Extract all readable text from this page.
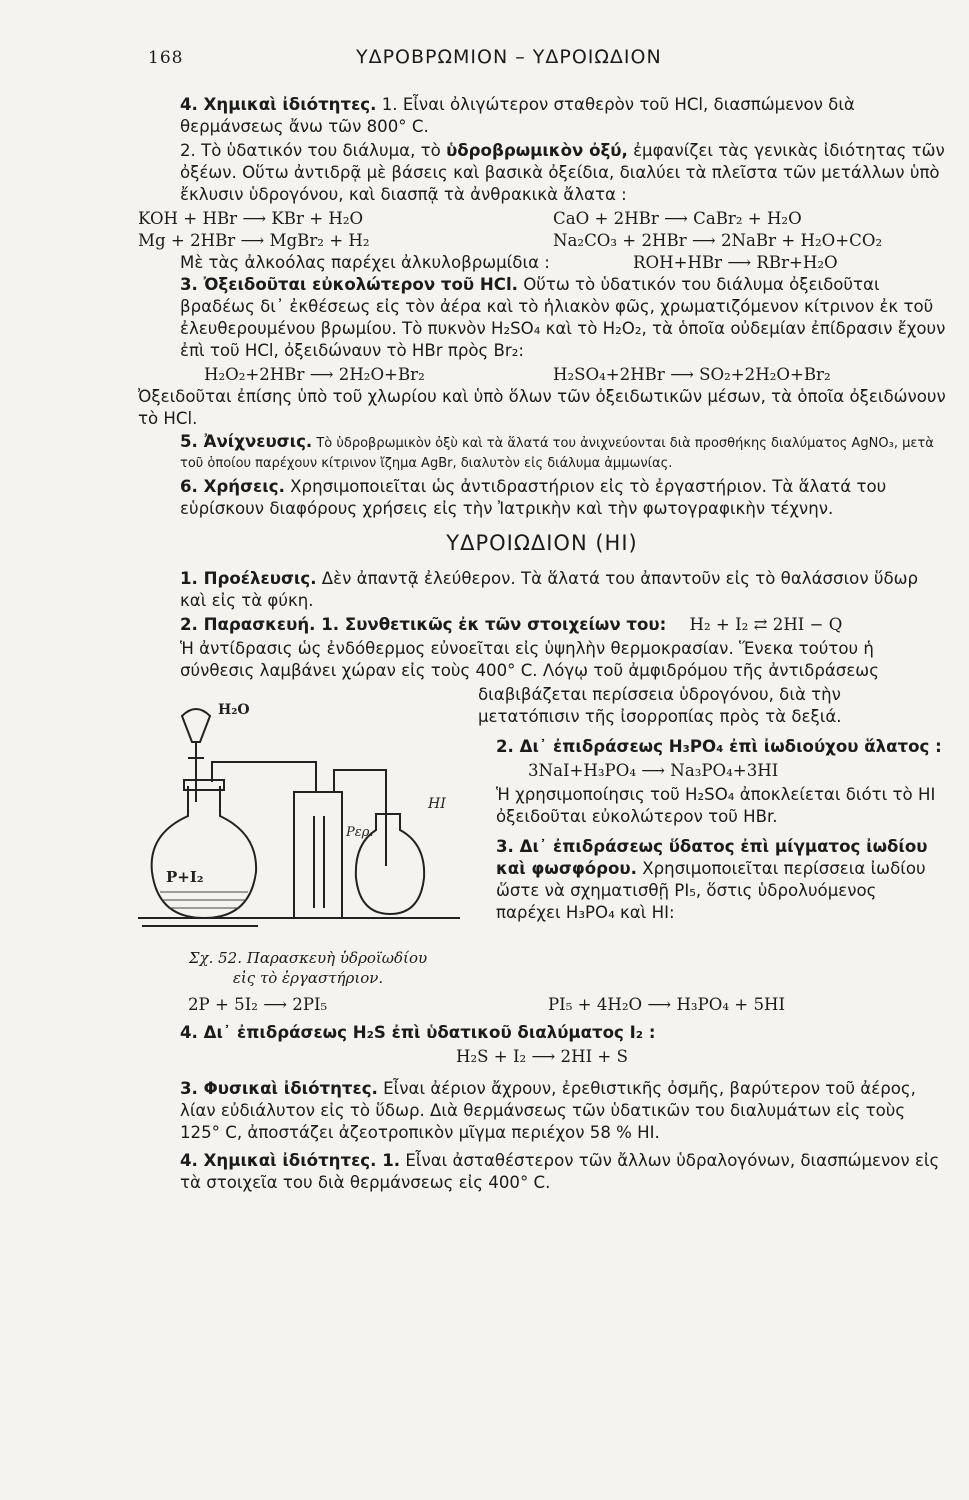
168	ΥΔΡΟΒΡΩΜΙΟΝ – ΥΔΡΟΙΩΔΙΟΝ

4. Χημικαὶ ἰδιότητες. 1. Εἶναι ὀλιγώτερον σταθερὸν τοῦ HCl, διασπώμενον διὰ θερμάνσεως ἄνω τῶν 800° C.

2. Τὸ ὑδατικόν του διάλυμα, τὸ ὑδροβρωμικὸν ὀξύ, ἐμφανίζει τὰς γενικὰς ἰδιότητας τῶν ὀξέων. Οὕτω ἀντιδρᾷ μὲ βάσεις καὶ βασικὰ ὀξείδια, διαλύει τὰ πλεῖστα τῶν μετάλλων ὑπὸ ἔκλυσιν ὑδρογόνου, καὶ διασπᾷ τὰ ἀνθρακικὰ ἄλατα :

KOH + HBr ⟶ KBr + H₂O	CaO + 2HBr ⟶ CaBr₂ + H₂O
Mg + 2HBr ⟶ MgBr₂ + H₂	Na₂CO₃ + 2HBr ⟶ 2NaBr + H₂O+CO₂
Μὲ τὰς ἀλκοόλας παρέχει ἀλκυλοβρωμίδια :	ROH+HBr ⟶ RBr+H₂O

3. Ὀξειδοῦται εὐκολώτερον τοῦ HCl. Οὕτω τὸ ὑδατικόν του διάλυμα ὀξειδοῦται βραδέως δι᾽ ἐκθέσεως εἰς τὸν ἀέρα καὶ τὸ ἡλιακὸν φῶς, χρωματιζόμενον κίτρινον ἐκ τοῦ ἐλευθερουμένου βρωμίου. Τὸ πυκνὸν H₂SO₄ καὶ τὸ H₂O₂, τὰ ὁποῖα οὐδεμίαν ἐπίδρασιν ἔχουν ἐπὶ τοῦ HCl, ὀξειδώναυν τὸ HBr πρὸς Br₂:

H₂O₂+2HBr ⟶ 2H₂O+Br₂	H₂SO₄+2HBr ⟶ SO₂+2H₂O+Br₂

Ὀξειδοῦται ἐπίσης ὑπὸ τοῦ χλωρίου καὶ ὑπὸ ὅλων τῶν ὀξειδωτικῶν μέσων, τὰ ὁποῖα ὀξειδώνουν τὸ HCl.

5. Ἀνίχνευσις. Τὸ ὑδροβρωμικὸν ὀξὺ καὶ τὰ ἅλατά του ἀνιχνεύονται διὰ προσθήκης διαλύματος AgNO₃, μετὰ τοῦ ὁποίου παρέχουν κίτρινον ἴζημα AgBr, διαλυτὸν εἰς διάλυμα ἀμμωνίας.

6. Χρήσεις. Χρησιμοποιεῖται ὡς ἀντιδραστήριον εἰς τὸ ἐργαστήριον. Τὰ ἅλατά του εὑρίσκουν διαφόρους χρήσεις εἰς τὴν Ἰατρικὴν καὶ τὴν φωτογραφικὴν τέχνην.

ΥΔΡΟΙΩΔΙΟΝ (HI)

1. Προέλευσις. Δὲν ἀπαντᾷ ἐλεύθερον. Τὰ ἅλατά του ἀπαντοῦν εἰς τὸ θαλάσσιον ὕδωρ καὶ εἰς τὰ φύκη.

2. Παρασκευή. 1. Συνθετικῶς ἐκ τῶν στοιχείων του: H₂ + I₂ ⇄ 2HI − Q

Ἡ ἀντίδρασις ὡς ἐνδόθερμος εὐνοεῖται εἰς ὑψηλὴν θερμοκρασίαν. Ἕνεκα τούτου ἡ σύνθεσις λαμβάνει χώραν εἰς τοὺς 400° C. Λόγῳ τοῦ ἀμφιδρόμου τῆς ἀντιδράσεως

H₂O
P+I₂
Pερ.
HI
Σχ. 52. Παρασκευὴ ὑδροϊωδίου
εἰς τὸ ἐργαστήριον.

διαβιβάζεται περίσσεια ὑδρογόνου, διὰ τὴν μετατόπισιν τῆς ἰσορροπίας πρὸς τὰ δεξιά.

2. Δι᾽ ἐπιδράσεως H₃PO₄ ἐπὶ ἰωδιούχου ἅλατος :

3NaI+H₃PO₄ ⟶ Na₃PO₄+3HI

Ἡ χρησιμοποίησις τοῦ H₂SO₄ ἀποκλείεται διότι τὸ HI ὀξειδοῦται εὐκολώτερον τοῦ HBr.

3. Δι᾽ ἐπιδράσεως ὕδατος ἐπὶ μίγματος ἰωδίου καὶ φωσφόρου. Χρησιμοποιεῖται περίσσεια ἰωδίου ὥστε νὰ σχηματισθῇ PI₅, ὅστις ὑδρολυόμενος παρέχει H₃PO₄ καὶ HI:

2P + 5I₂ ⟶ 2PI₅	PI₅ + 4H₂O ⟶ H₃PO₄ + 5HI

4. Δι᾽ ἐπιδράσεως H₂S ἐπὶ ὑδατικοῦ διαλύματος I₂ :

H₂S + I₂ ⟶ 2HI + S

3. Φυσικαὶ ἰδιότητες. Εἶναι ἀέριον ἄχρουν, ἐρεθιστικῆς ὀσμῆς, βαρύτερον τοῦ ἀέρος, λίαν εὐδιάλυτον εἰς τὸ ὕδωρ. Διὰ θερμάνσεως τῶν ὑδατικῶν του διαλυμάτων εἰς τοὺς 125° C, ἀποστάζει ἀζεοτροπικὸν μῖγμα περιέχον 58 % HI.

4. Χημικαὶ ἰδιότητες. 1. Εἶναι ἀσταθέστερον τῶν ἄλλων ὑδραλογόνων, διασπώμενον εἰς τὰ στοιχεῖα του διὰ θερμάνσεως εἰς 400° C.
